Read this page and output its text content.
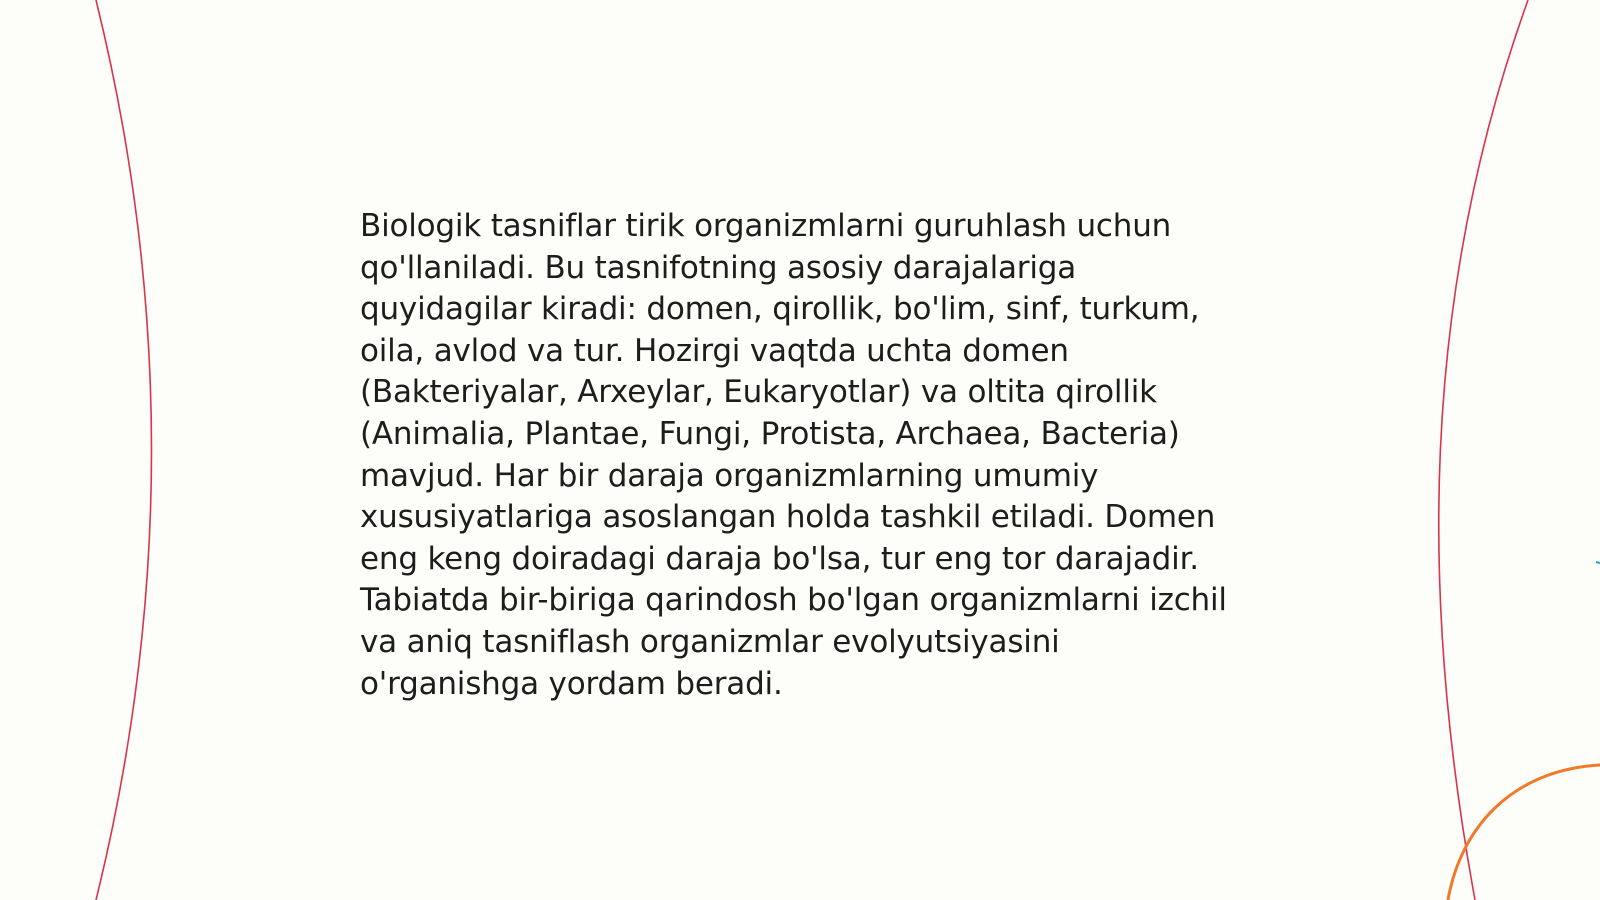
Biologik tasniflar tirik organizmlarni guruhlash uchun qo'llaniladi. Bu tasnifotning asosiy darajalariga quyidagilar kiradi: domen, qirollik, bo'lim, sinf, turkum, oila, avlod va tur. Hozirgi vaqtda uchta domen (Bakteriyalar, Arxeylar, Eukaryotlar) va oltita qirollik (Animalia, Plantae, Fungi, Protista, Archaea, Bacteria) mavjud. Har bir daraja organizmlarning umumiy xususiyatlariga asoslangan holda tashkil etiladi. Domen eng keng doiradagi daraja bo'lsa, tur eng tor darajadir. Tabiatda bir-biriga qarindosh bo'lgan organizmlarni izchil va aniq tasniflash organizmlar evolyutsiyasini o'rganishga yordam beradi.
